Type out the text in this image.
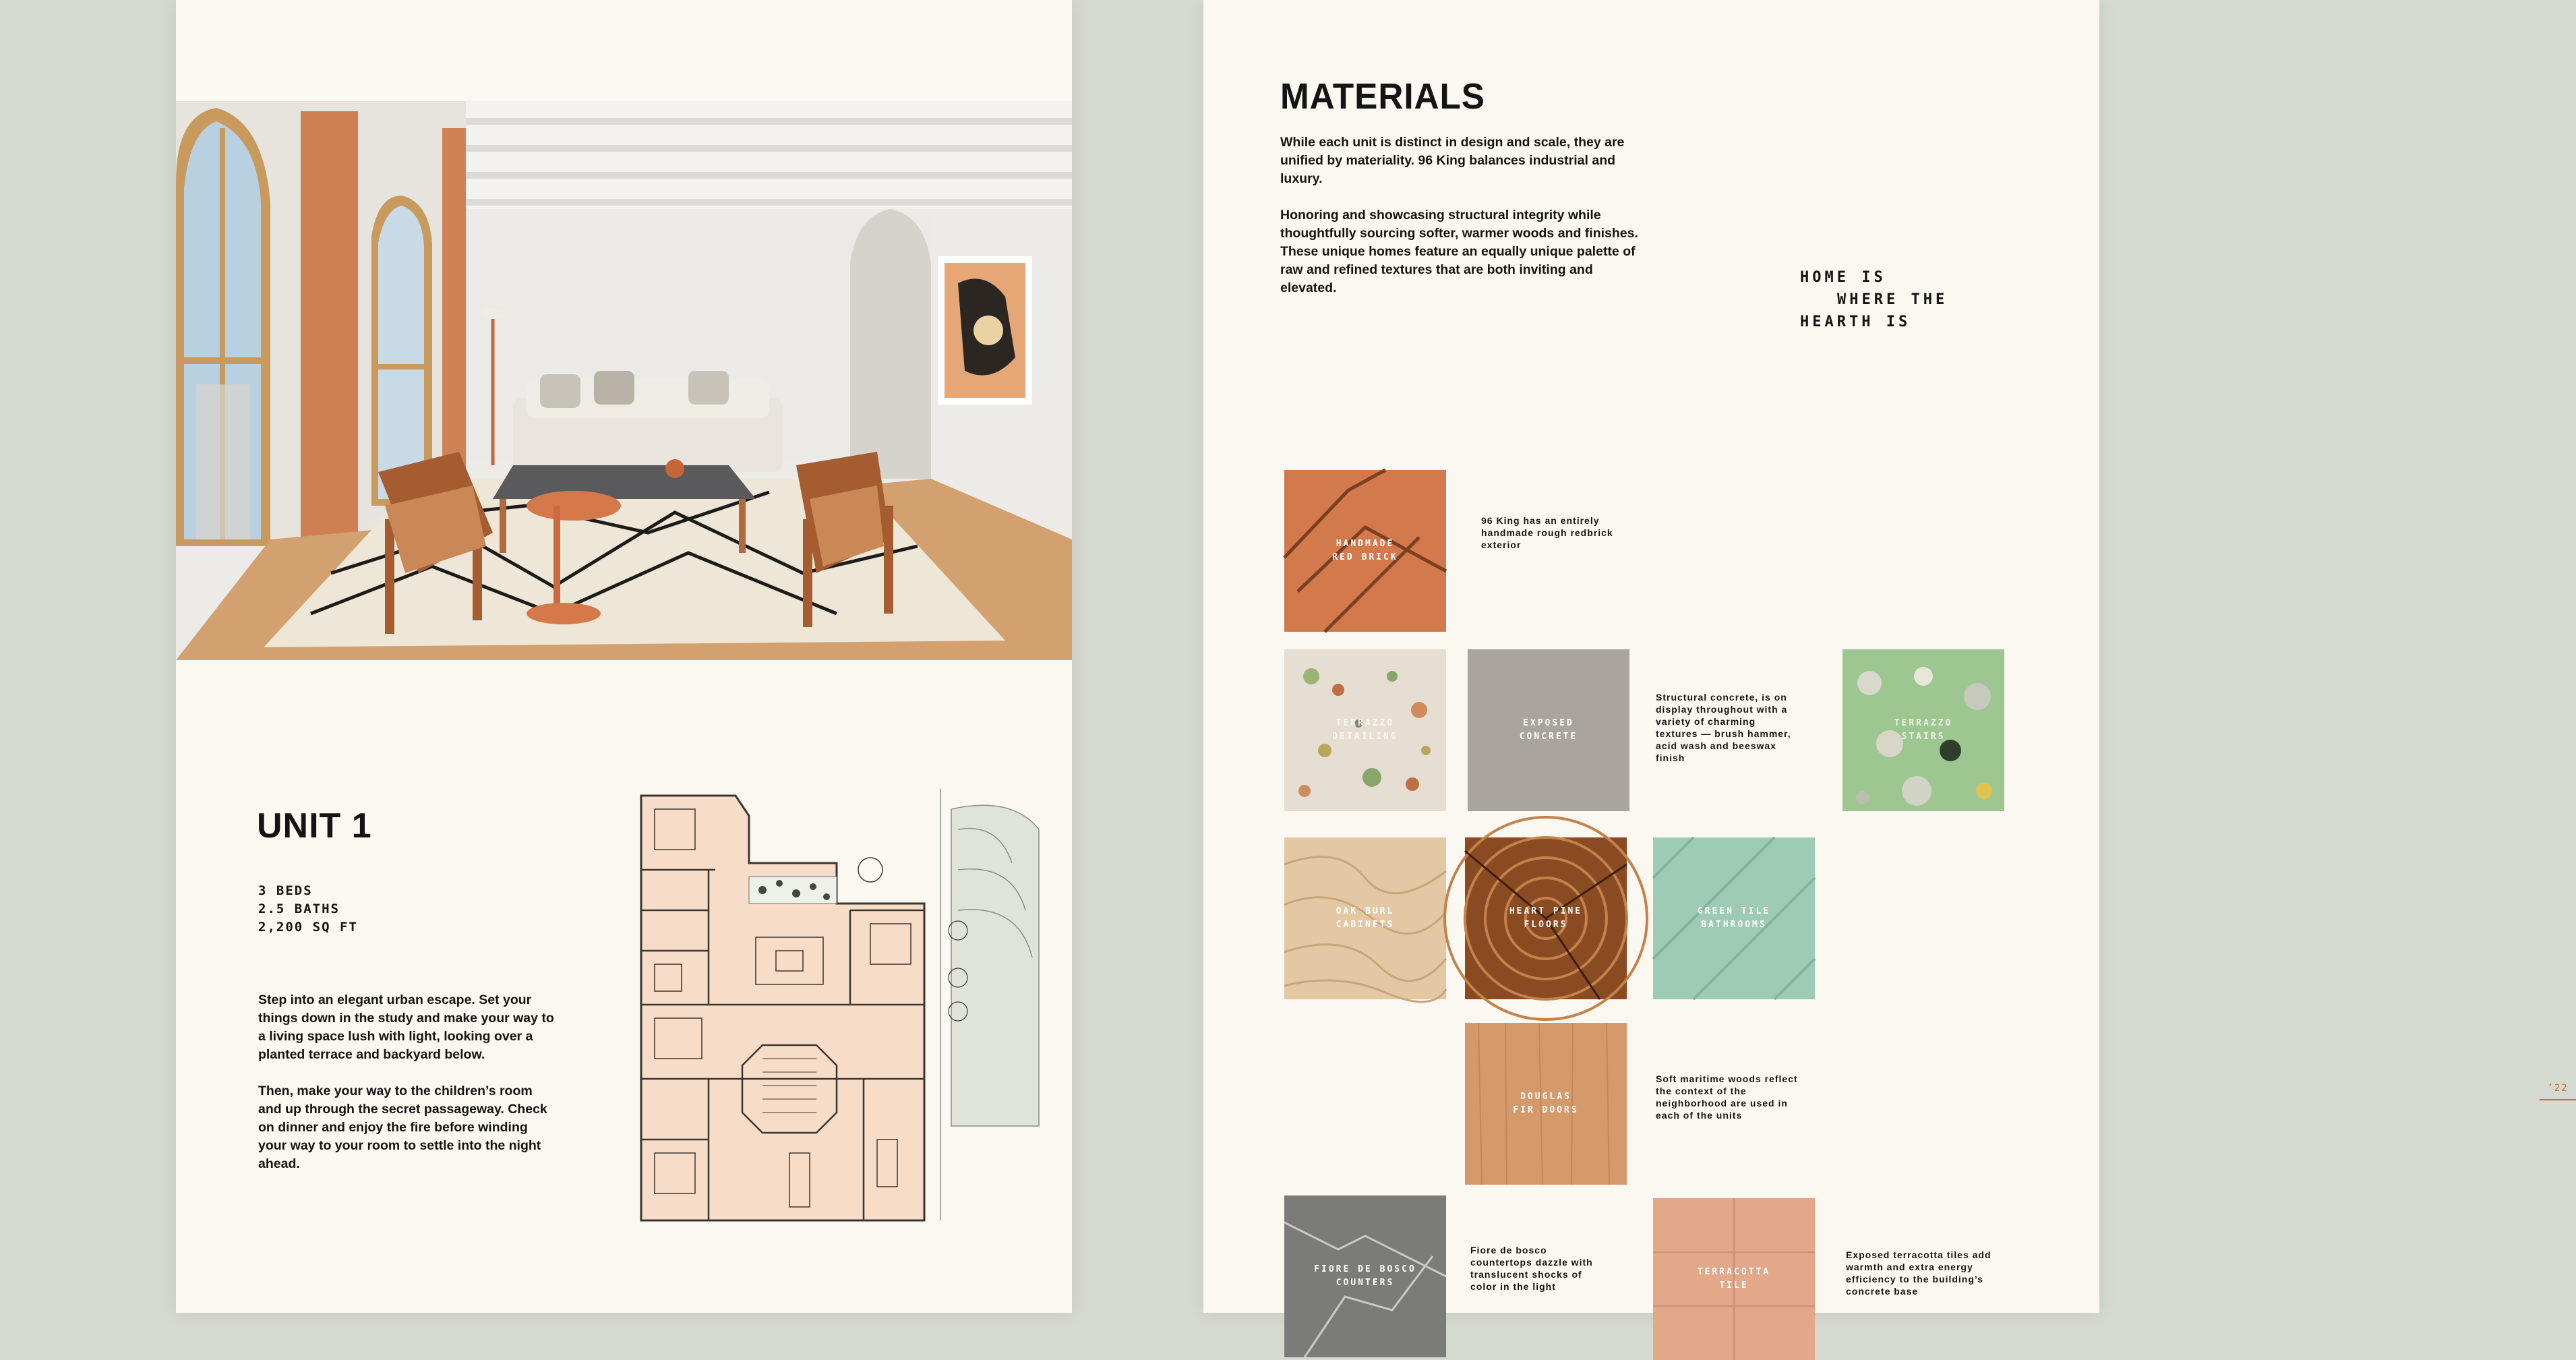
UNIT 1
3 BEDS
2.5 BATHS
2,200 SQ FT

Step into an elegant urban escape. Set your things down in the study and make your way to a living space lush with light, looking over a planted terrace and backyard below.

Then, make your way to the children’s room and up through the secret passageway. Check on dinner and enjoy the fire before winding your way to your room to settle into the night ahead.

MATERIALS

While each unit is distinct in design and scale, they are unified by materiality. 96 King balances industrial and luxury.

Honoring and showcasing structural integrity while thoughtfully sourcing softer, warmer woods and finishes. These unique homes feature an equally unique palette of raw and refined textures that are both inviting and elevated.

HOME IS
WHERE THE
HEARTH IS
HANDMADE
RED BRICK
96 King has an entirely handmade rough redbrick exterior
TERRAZZO
DETAILING
EXPOSED
CONCRETE
Structural concrete, is on display throughout with a variety of charming textures — brush hammer, acid wash and beeswax finish
TERRAZZO
STAIRS
OAK BURL
CABINETS
HEART PINE
FLOORS
GREEN TILE
BATHROOMS
’22
DOUGLAS
FIR DOORS
Soft maritime woods reflect the context of the neighborhood are used in each of the units
FIORE DE BOSCO
COUNTERS
Fiore de bosco countertops dazzle with translucent shocks of color in the light
TERRACOTTA
TILE
Exposed terracotta tiles add warmth and extra energy efficiency to the building’s concrete base
